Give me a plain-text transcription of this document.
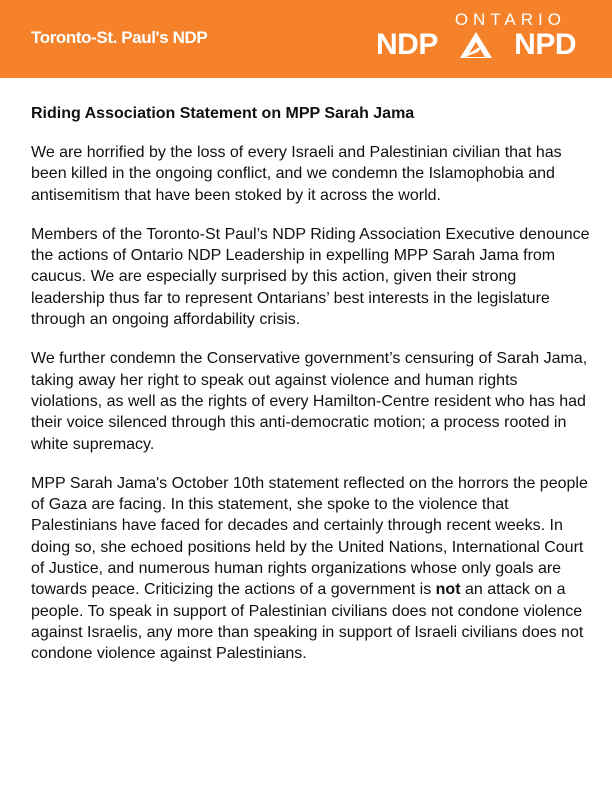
Toronto-St. Paul's NDP
ONTARIO
NDP	NPD
Riding Association Statement on MPP Sarah Jama

We are horrified by the loss of every Israeli and Palestinian civilian that has been killed in the ongoing conflict, and we condemn the Islamophobia and antisemitism that have been stoked by it across the world.

Members of the Toronto-St Paul’s NDP Riding Association Executive denounce the actions of Ontario NDP Leadership in expelling MPP Sarah Jama from caucus. We are especially surprised by this action, given their strong leadership thus far to represent Ontarians’ best interests in the legislature through an ongoing affordability crisis.

We further condemn the Conservative government’s censuring of Sarah Jama, taking away her right to speak out against violence and human rights violations, as well as the rights of every Hamilton-Centre resident who has had their voice silenced through this anti-democratic motion; a process rooted in white supremacy.

MPP Sarah Jama's October 10th statement reflected on the horrors the people of Gaza are facing. In this statement, she spoke to the violence that Palestinians have faced for decades and certainly through recent weeks. In doing so, she echoed positions held by the United Nations, International Court of Justice, and numerous human rights organizations whose only goals are towards peace. Criticizing the actions of a government is not an attack on a people. To speak in support of Palestinian civilians does not condone violence against Israelis, any more than speaking in support of Israeli civilians does not condone violence against Palestinians.
